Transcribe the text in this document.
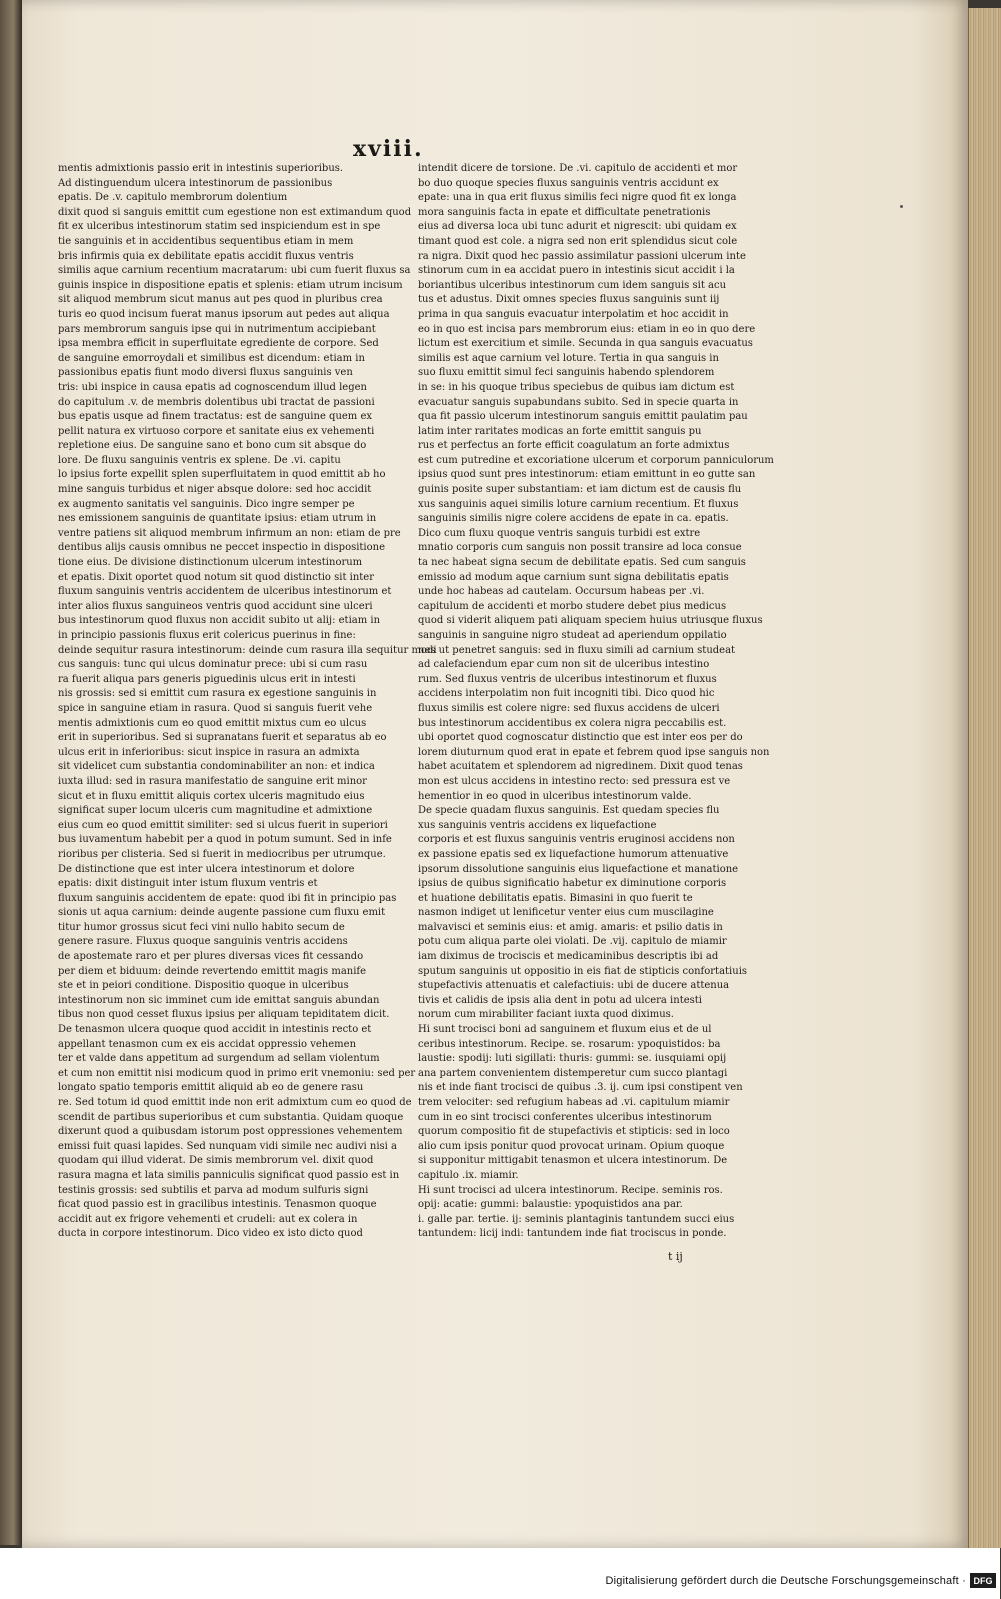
xviii.
mentis admixtionis passio erit in intestinis superioribus.
Ad distinguendum ulcera intestinorum de passionibus
epatis. De .v. capitulo membrorum dolentium
dixit quod si sanguis emittit cum egestione non est extimandum quod
fit ex ulceribus intestinorum statim sed inspiciendum est in spe
tie sanguinis et in accidentibus sequentibus etiam in mem
bris infirmis quia ex debilitate epatis accidit fluxus ventris
similis aque carnium recentium macratarum: ubi cum fuerit fluxus sa
guinis inspice in dispositione epatis et splenis: etiam utrum incisum
sit aliquod membrum sicut manus aut pes quod in pluribus crea
turis eo quod incisum fuerat manus ipsorum aut pedes aut aliqua
pars membrorum sanguis ipse qui in nutrimentum accipiebant
ipsa membra efficit in superfluitate egrediente de corpore. Sed
de sanguine emorroydali et similibus est dicendum: etiam in
passionibus epatis fiunt modo diversi fluxus sanguinis ven
tris: ubi inspice in causa epatis ad cognoscendum illud legen
do capitulum .v. de membris dolentibus ubi tractat de passioni
bus epatis usque ad finem tractatus: est de sanguine quem ex
pellit natura ex virtuoso corpore et sanitate eius ex vehementi
repletione eius. De sanguine sano et bono cum sit absque do
lore. De fluxu sanguinis ventris ex splene. De .vi. capitu
lo ipsius forte expellit splen superfluitatem in quod emittit ab ho
mine sanguis turbidus et niger absque dolore: sed hoc accidit
ex augmento sanitatis vel sanguinis. Dico ingre semper pe
nes emissionem sanguinis de quantitate ipsius: etiam utrum in
ventre patiens sit aliquod membrum infirmum an non: etiam de pre
dentibus alijs causis omnibus ne peccet inspectio in dispositione
tione eius. De divisione distinctionum ulcerum intestinorum
et epatis. Dixit oportet quod notum sit quod distinctio sit inter
fluxum sanguinis ventris accidentem de ulceribus intestinorum et
inter alios fluxus sanguineos ventris quod accidunt sine ulceri
bus intestinorum quod fluxus non accidit subito ut alij: etiam in
in principio passionis fluxus erit colericus puerinus in fine:
deinde sequitur rasura intestinorum: deinde cum rasura illa sequitur modi
cus sanguis: tunc qui ulcus dominatur prece: ubi si cum rasu
ra fuerit aliqua pars generis piguedinis ulcus erit in intesti
nis grossis: sed si emittit cum rasura ex egestione sanguinis in
spice in sanguine etiam in rasura. Quod si sanguis fuerit vehe
mentis admixtionis cum eo quod emittit mixtus cum eo ulcus
erit in superioribus. Sed si supranatans fuerit et separatus ab eo
ulcus erit in inferioribus: sicut inspice in rasura an admixta
sit videlicet cum substantia condominabiliter an non: et indica
iuxta illud: sed in rasura manifestatio de sanguine erit minor
sicut et in fluxu emittit aliquis cortex ulceris magnitudo eius
significat super locum ulceris cum magnitudine et admixtione
eius cum eo quod emittit similiter: sed si ulcus fuerit in superiori
bus iuvamentum habebit per a quod in potum sumunt. Sed in infe
rioribus per clisteria. Sed si fuerit in mediocribus per utrumque.
De distinctione que est inter ulcera intestinorum et dolore
epatis: dixit distinguit inter istum fluxum ventris et
fluxum sanguinis accidentem de epate: quod ibi fit in principio pas
sionis ut aqua carnium: deinde augente passione cum fluxu emit
titur humor grossus sicut feci vini nullo habito secum de
genere rasure. Fluxus quoque sanguinis ventris accidens
de apostemate raro et per plures diversas vices fit cessando
per diem et biduum: deinde revertendo emittit magis manife
ste et in peiori conditione. Dispositio quoque in ulceribus
intestinorum non sic imminet cum ide emittat sanguis abundan
tibus non quod cesset fluxus ipsius per aliquam tepiditatem dicit.
De tenasmon ulcera quoque quod accidit in intestinis recto et
appellant tenasmon cum ex eis accidat oppressio vehemen
ter et valde dans appetitum ad surgendum ad sellam violentum
et cum non emittit nisi modicum quod in primo erit vnemoniu: sed per
longato spatio temporis emittit aliquid ab eo de genere rasu
re. Sed totum id quod emittit inde non erit admixtum cum eo quod de
scendit de partibus superioribus et cum substantia. Quidam quoque
dixerunt quod a quibusdam istorum post oppressiones vehementem
emissi fuit quasi lapides. Sed nunquam vidi simile nec audivi nisi a
quodam qui illud viderat. De simis membrorum vel. dixit quod
rasura magna et lata similis panniculis significat quod passio est in
testinis grossis: sed subtilis et parva ad modum sulfuris signi
ficat quod passio est in gracilibus intestinis. Tenasmon quoque
accidit aut ex frigore vehementi et crudeli: aut ex colera in
ducta in corpore intestinorum. Dico video ex isto dicto quod
intendit dicere de torsione. De .vi. capitulo de accidenti et mor
bo duo quoque species fluxus sanguinis ventris accidunt ex
epate: una in qua erit fluxus similis feci nigre quod fit ex longa
mora sanguinis facta in epate et difficultate penetrationis
eius ad diversa loca ubi tunc adurit et nigrescit: ubi quidam ex
timant quod est cole. a nigra sed non erit splendidus sicut cole
ra nigra. Dixit quod hec passio assimilatur passioni ulcerum inte
stinorum cum in ea accidat puero in intestinis sicut accidit i la
boriantibus ulceribus intestinorum cum idem sanguis sit acu
tus et adustus. Dixit omnes species fluxus sanguinis sunt iij
prima in qua sanguis evacuatur interpolatim et hoc accidit in
eo in quo est incisa pars membrorum eius: etiam in eo in quo dere
lictum est exercitium et simile. Secunda in qua sanguis evacuatus
similis est aque carnium vel loture. Tertia in qua sanguis in
suo fluxu emittit simul feci sanguinis habendo splendorem
in se: in his quoque tribus speciebus de quibus iam dictum est
evacuatur sanguis supabundans subito. Sed in specie quarta in
qua fit passio ulcerum intestinorum sanguis emittit paulatim pau
latim inter raritates modicas an forte emittit sanguis pu
rus et perfectus an forte efficit coagulatum an forte admixtus
est cum putredine et excoriatione ulcerum et corporum panniculorum
ipsius quod sunt pres intestinorum: etiam emittunt in eo gutte san
guinis posite super substantiam: et iam dictum est de causis flu
xus sanguinis aquei similis loture carnium recentium. Et fluxus
sanguinis similis nigre colere accidens de epate in ca. epatis.
Dico cum fluxu quoque ventris sanguis turbidi est extre
mnatio corporis cum sanguis non possit transire ad loca consue
ta nec habeat signa secum de debilitate epatis. Sed cum sanguis
emissio ad modum aque carnium sunt signa debilitatis epatis
unde hoc habeas ad cautelam. Occursum habeas per .vi.
capitulum de accidenti et morbo studere debet pius medicus
quod si viderit aliquem pati aliquam speciem huius utriusque fluxus
sanguinis in sanguine nigro studeat ad aperiendum oppilatio
nes ut penetret sanguis: sed in fluxu simili ad carnium studeat
ad calefaciendum epar cum non sit de ulceribus intestino
rum. Sed fluxus ventris de ulceribus intestinorum et fluxus
accidens interpolatim non fuit incogniti tibi. Dico quod hic
fluxus similis est colere nigre: sed fluxus accidens de ulceri
bus intestinorum accidentibus ex colera nigra peccabilis est.
ubi oportet quod cognoscatur distinctio que est inter eos per do
lorem diuturnum quod erat in epate et febrem quod ipse sanguis non
habet acuitatem et splendorem ad nigredinem. Dixit quod tenas
mon est ulcus accidens in intestino recto: sed pressura est ve
hementior in eo quod in ulceribus intestinorum valde.
De specie quadam fluxus sanguinis. Est quedam species flu
xus sanguinis ventris accidens ex liquefactione
corporis et est fluxus sanguinis ventris eruginosi accidens non
ex passione epatis sed ex liquefactione humorum attenuative
ipsorum dissolutione sanguinis eius liquefactione et manatione
ipsius de quibus significatio habetur ex diminutione corporis
et huatione debilitatis epatis. Bimasini in quo fuerit te
nasmon indiget ut lenificetur venter eius cum muscilagine
malvavisci et seminis eius: et amig. amaris: et psilio datis in
potu cum aliqua parte olei violati. De .vij. capitulo de miamir
iam diximus de trociscis et medicaminibus descriptis ibi ad
sputum sanguinis ut oppositio in eis fiat de stipticis confortatiuis
stupefactivis attenuatis et calefactiuis: ubi de ducere attenua
tivis et calidis de ipsis alia dent in potu ad ulcera intesti
norum cum mirabiliter faciant iuxta quod diximus.
Hi sunt trocisci boni ad sanguinem et fluxum eius et de ul
ceribus intestinorum. Recipe. se. rosarum: ypoquistidos: ba
laustie: spodij: luti sigillati: thuris: gummi: se. iusquiami opij
ana partem convenientem distemperetur cum succo plantagi
nis et inde fiant trocisci de quibus .3. ij. cum ipsi constipent ven
trem velociter: sed refugium habeas ad .vi. capitulum miamir
cum in eo sint trocisci conferentes ulceribus intestinorum
quorum compositio fit de stupefactivis et stipticis: sed in loco
alio cum ipsis ponitur quod provocat urinam. Opium quoque
si supponitur mittigabit tenasmon et ulcera intestinorum. De
capitulo .ix. miamir.
Hi sunt trocisci ad ulcera intestinorum. Recipe. seminis ros.
opij: acatie: gummi: balaustie: ypoquistidos ana par.
i. galle par. tertie. ij: seminis plantaginis tantundem succi eius
tantundem: licij indi: tantundem inde fiat trociscus in ponde.
t ij
Digitalisierung gefördert durch die Deutsche Forschungsgemeinschaft · DFG
